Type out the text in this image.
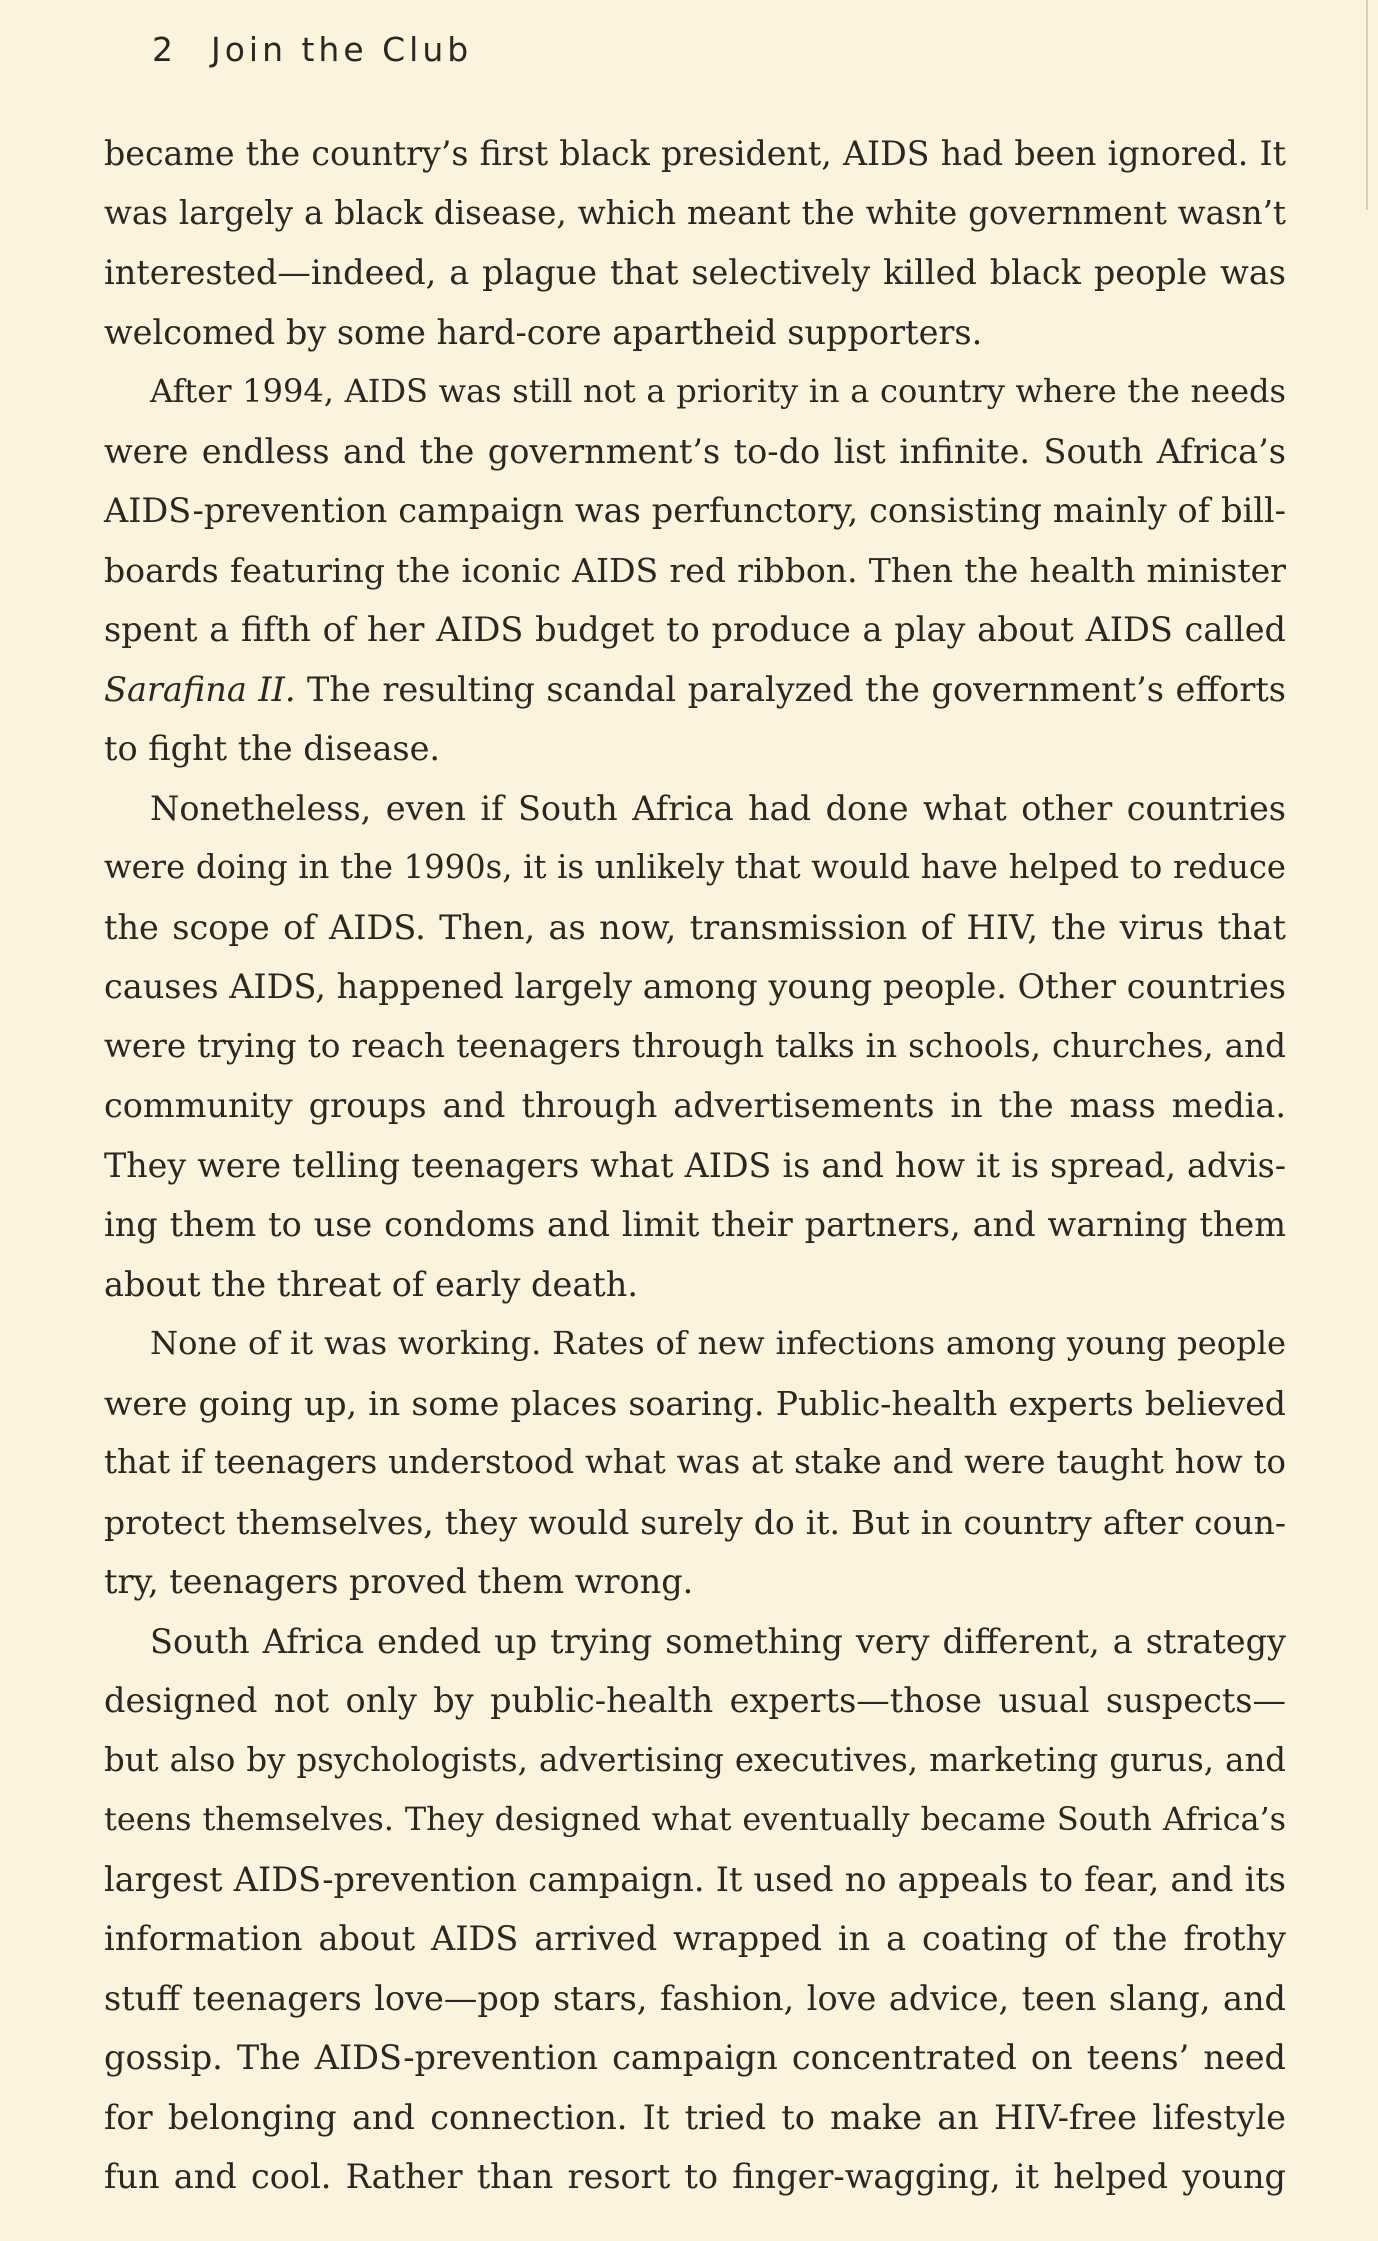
2 Join the Club
became the country’s first black president, AIDS had been ignored. It
was largely a black disease, which meant the white government wasn’t
interested—indeed, a plague that selectively killed black people was
welcomed by some hard-core apartheid supporters.
After 1994, AIDS was still not a priority in a country where the needs
were endless and the government’s to-do list infinite. South Africa’s
AIDS-prevention campaign was perfunctory, consisting mainly of bill-
boards featuring the iconic AIDS red ribbon. Then the health minister
spent a fifth of her AIDS budget to produce a play about AIDS called
Sarafina II. The resulting scandal paralyzed the government’s efforts
to fight the disease.
Nonetheless, even if South Africa had done what other countries
were doing in the 1990s, it is unlikely that would have helped to reduce
the scope of AIDS. Then, as now, transmission of HIV, the virus that
causes AIDS, happened largely among young people. Other countries
were trying to reach teenagers through talks in schools, churches, and
community groups and through advertisements in the mass media.
They were telling teenagers what AIDS is and how it is spread, advis-
ing them to use condoms and limit their partners, and warning them
about the threat of early death.
None of it was working. Rates of new infections among young people
were going up, in some places soaring. Public-health experts believed
that if teenagers understood what was at stake and were taught how to
protect themselves, they would surely do it. But in country after coun-
try, teenagers proved them wrong.
South Africa ended up trying something very different, a strategy
designed not only by public-health experts—those usual suspects—
but also by psychologists, advertising executives, marketing gurus, and
teens themselves. They designed what eventually became South Africa’s
largest AIDS-prevention campaign. It used no appeals to fear, and its
information about AIDS arrived wrapped in a coating of the frothy
stuff teenagers love—pop stars, fashion, love advice, teen slang, and
gossip. The AIDS-prevention campaign concentrated on teens’ need
for belonging and connection. It tried to make an HIV-free lifestyle
fun and cool. Rather than resort to finger-wagging, it helped young
